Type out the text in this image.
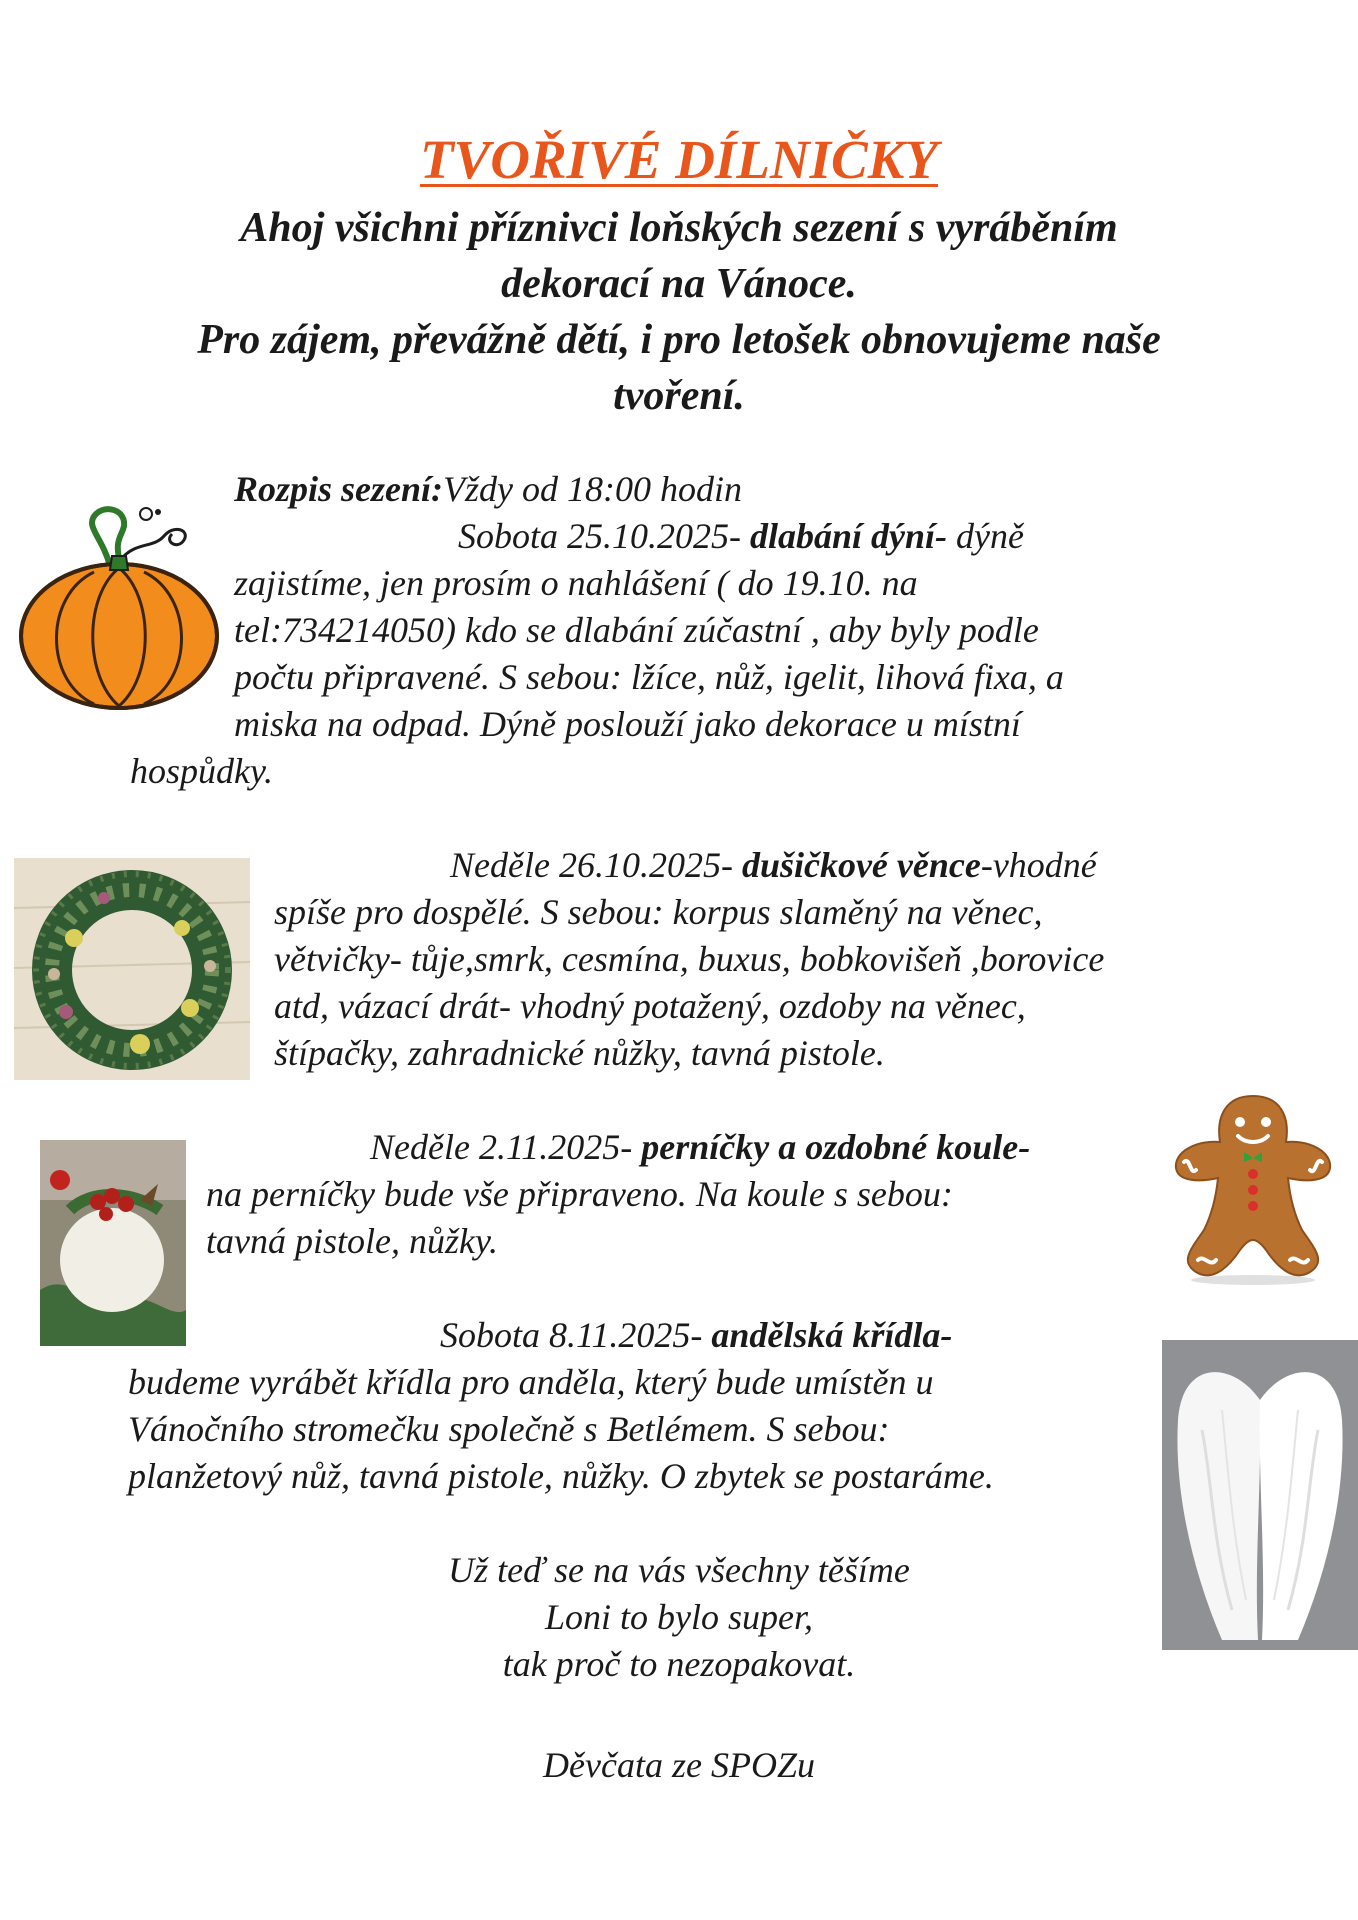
TVOŘIVÉ DÍLNIČKY

Ahoj všichni příznivci loňských sezení s vyráběním

dekorací na Vánoce.

Pro zájem, převážně dětí, i pro letošek obnovujeme naše

tvoření.

Rozpis sezení:Vždy od 18:00 hodin

Sobota 25.10.2025- dlabání dýní- dýně

zajistíme, jen prosím o nahlášení ( do 19.10. na

tel:734214050) kdo se dlabání zúčastní , aby byly podle

počtu připravené. S sebou: lžíce, nůž, igelit, lihová fixa, a

miska na odpad. Dýně poslouží jako dekorace u místní

hospůdky.

Neděle 26.10.2025- dušičkové věnce-vhodné

spíše pro dospělé. S sebou: korpus slaměný na věnec,

větvičky- tůje,smrk, cesmína, buxus, bobkovišeň ,borovice

atd, vázací drát- vhodný potažený, ozdoby na věnec,

štípačky, zahradnické nůžky, tavná pistole.

Neděle 2.11.2025- perníčky a ozdobné koule-

na perníčky bude vše připraveno. Na koule s sebou:

tavná pistole, nůžky.

Sobota 8.11.2025- andělská křídla-

budeme vyrábět křídla pro anděla, který bude umístěn u

Vánočního stromečku společně s Betlémem. S sebou:

planžetový nůž, tavná pistole, nůžky. O zbytek se postaráme.

Už teď se na vás všechny těšíme

Loni to bylo super,

tak proč to nezopakovat.

Děvčata ze SPOZu
